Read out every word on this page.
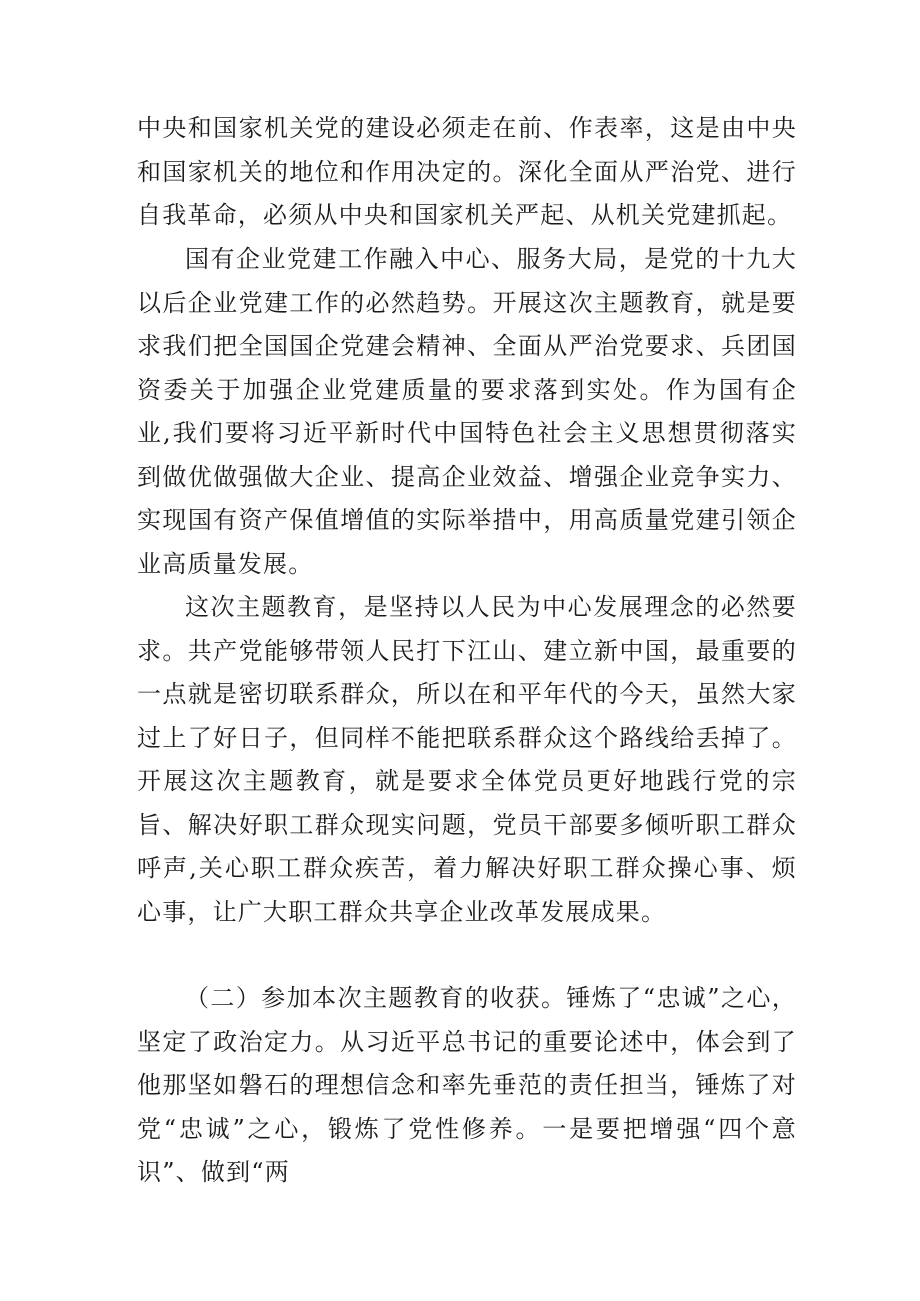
中央和国家机关党的建设必须走在前、作表率，这是由中央和国家机关的地位和作用决定的。深化全面从严治党、进行自我革命，必须从中央和国家机关严起、从机关党建抓起。

国有企业党建工作融入中心、服务大局，是党的十九大以后企业党建工作的必然趋势。开展这次主题教育，就是要求我们把全国国企党建会精神、全面从严治党要求、兵团国资委关于加强企业党建质量的要求落到实处。作为国有企业,我们要将习近平新时代中国特色社会主义思想贯彻落实到做优做强做大企业、提高企业效益、增强企业竞争实力、实现国有资产保值增值的实际举措中，用高质量党建引领企业高质量发展。

这次主题教育，是坚持以人民为中心发展理念的必然要求。共产党能够带领人民打下江山、建立新中国，最重要的一点就是密切联系群众，所以在和平年代的今天，虽然大家过上了好日子，但同样不能把联系群众这个路线给丢掉了。开展这次主题教育，就是要求全体党员更好地践行党的宗旨、解决好职工群众现实问题，党员干部要多倾听职工群众呼声,关心职工群众疾苦，着力解决好职工群众操心事、烦心事，让广大职工群众共享企业改革发展成果。

（二）参加本次主题教育的收获。锤炼了“忠诚”之心，坚定了政治定力。从习近平总书记的重要论述中，体会到了他那坚如磐石的理想信念和率先垂范的责任担当，锤炼了对党“忠诚”之心，锻炼了党性修养。一是要把增强“四个意识”、做到“两
